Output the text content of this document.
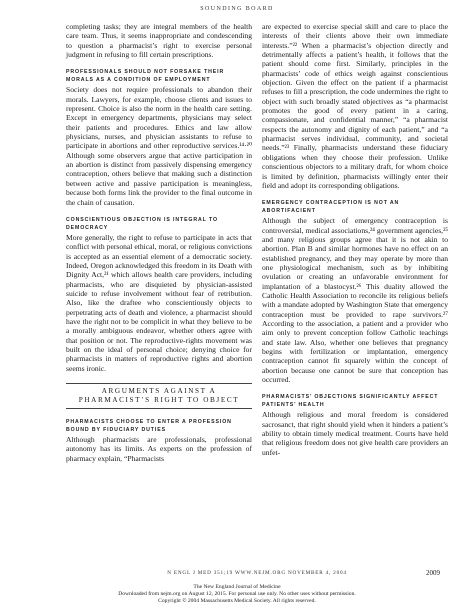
SOUNDING BOARD

completing tasks; they are integral members of the health care team. Thus, it seems inappropriate and condescending to question a pharmacist’s right to exercise personal judgment in refusing to fill certain prescriptions.

PROFESSIONALS SHOULD NOT FORSAKE THEIR MORALS AS A CONDITION OF EMPLOYMENT

Society does not require professionals to abandon their morals. Lawyers, for example, choose clients and issues to represent. Choice is also the norm in the health care setting. Except in emergency departments, physicians may select their patients and procedures. Ethics and law allow physicians, nurses, and physician assistants to refuse to participate in abortions and other reproductive services.¹⁴·²⁰ Although some observers argue that active participation in an abortion is distinct from passively dispensing emergency contraception, others believe that making such a distinction between active and passive participation is meaningless, because both forms link the provider to the final outcome in the chain of causation.

CONSCIENTIOUS OBJECTION IS INTEGRAL TO DEMOCRACY

More generally, the right to refuse to participate in acts that conflict with personal ethical, moral, or religious convictions is accepted as an essential element of a democratic society. Indeed, Oregon acknowledged this freedom in its Death with Dignity Act,²¹ which allows health care providers, including pharmacists, who are disquieted by physician-assisted suicide to refuse involvement without fear of retribution. Also, like the draftee who conscientiously objects to perpetrating acts of death and violence, a pharmacist should have the right not to be complicit in what they believe to be a morally ambiguous endeavor, whether others agree with that position or not. The reproductive-rights movement was built on the ideal of personal choice; denying choice for pharmacists in matters of reproductive rights and abortion seems ironic.

ARGUMENTS AGAINST A PHARMACIST’S RIGHT TO OBJECT
PHARMACISTS CHOOSE TO ENTER A PROFESSION BOUND BY FIDUCIARY DUTIES

Although pharmacists are professionals, professional autonomy has its limits. As experts on the profession of pharmacy explain, “Pharmacists

are expected to exercise special skill and care to place the interests of their clients above their own immediate interests.”²² When a pharmacist’s objection directly and detrimentally affects a patient’s health, it follows that the patient should come first. Similarly, principles in the pharmacists’ code of ethics weigh against conscientious objection. Given the effect on the patient if a pharmacist refuses to fill a prescription, the code undermines the right to object with such broadly stated objectives as “a pharmacist promotes the good of every patient in a caring, compassionate, and confidential manner,” “a pharmacist respects the autonomy and dignity of each patient,” and “a pharmacist serves individual, community, and societal needs.”²³ Finally, pharmacists understand these fiduciary obligations when they choose their profession. Unlike conscientious objectors to a military draft, for whom choice is limited by definition, pharmacists willingly enter their field and adopt its corresponding obligations.

EMERGENCY CONTRACEPTION IS NOT AN ABORTIFACIENT

Although the subject of emergency contraception is controversial, medical associations,²⁴ government agencies,²⁵ and many religious groups agree that it is not akin to abortion. Plan B and similar hormones have no effect on an established pregnancy, and they may operate by more than one physiological mechanism, such as by inhibiting ovulation or creating an unfavorable environment for implantation of a blastocyst.²⁶ This duality allowed the Catholic Health Association to reconcile its religious beliefs with a mandate adopted by Washington State that emergency contraception must be provided to rape survivors.²⁷ According to the association, a patient and a provider who aim only to prevent conception follow Catholic teachings and state law. Also, whether one believes that pregnancy begins with fertilization or implantation, emergency contraception cannot fit squarely within the concept of abortion because one cannot be sure that conception has occurred.

PHARMACISTS’ OBJECTIONS SIGNIFICANTLY AFFECT PATIENTS’ HEALTH

Although religious and moral freedom is considered sacrosanct, that right should yield when it hinders a patient’s ability to obtain timely medical treatment. Courts have held that religious freedom does not give health care providers an unfet-

N ENGL J MED 351;19 WWW.NEJM.ORG NOVEMBER 4, 2004	2009
The New England Journal of Medicine
Downloaded from nejm.org on August 12, 2015. For personal use only. No other uses without permission.
Copyright © 2004 Massachusetts Medical Society. All rights reserved.
